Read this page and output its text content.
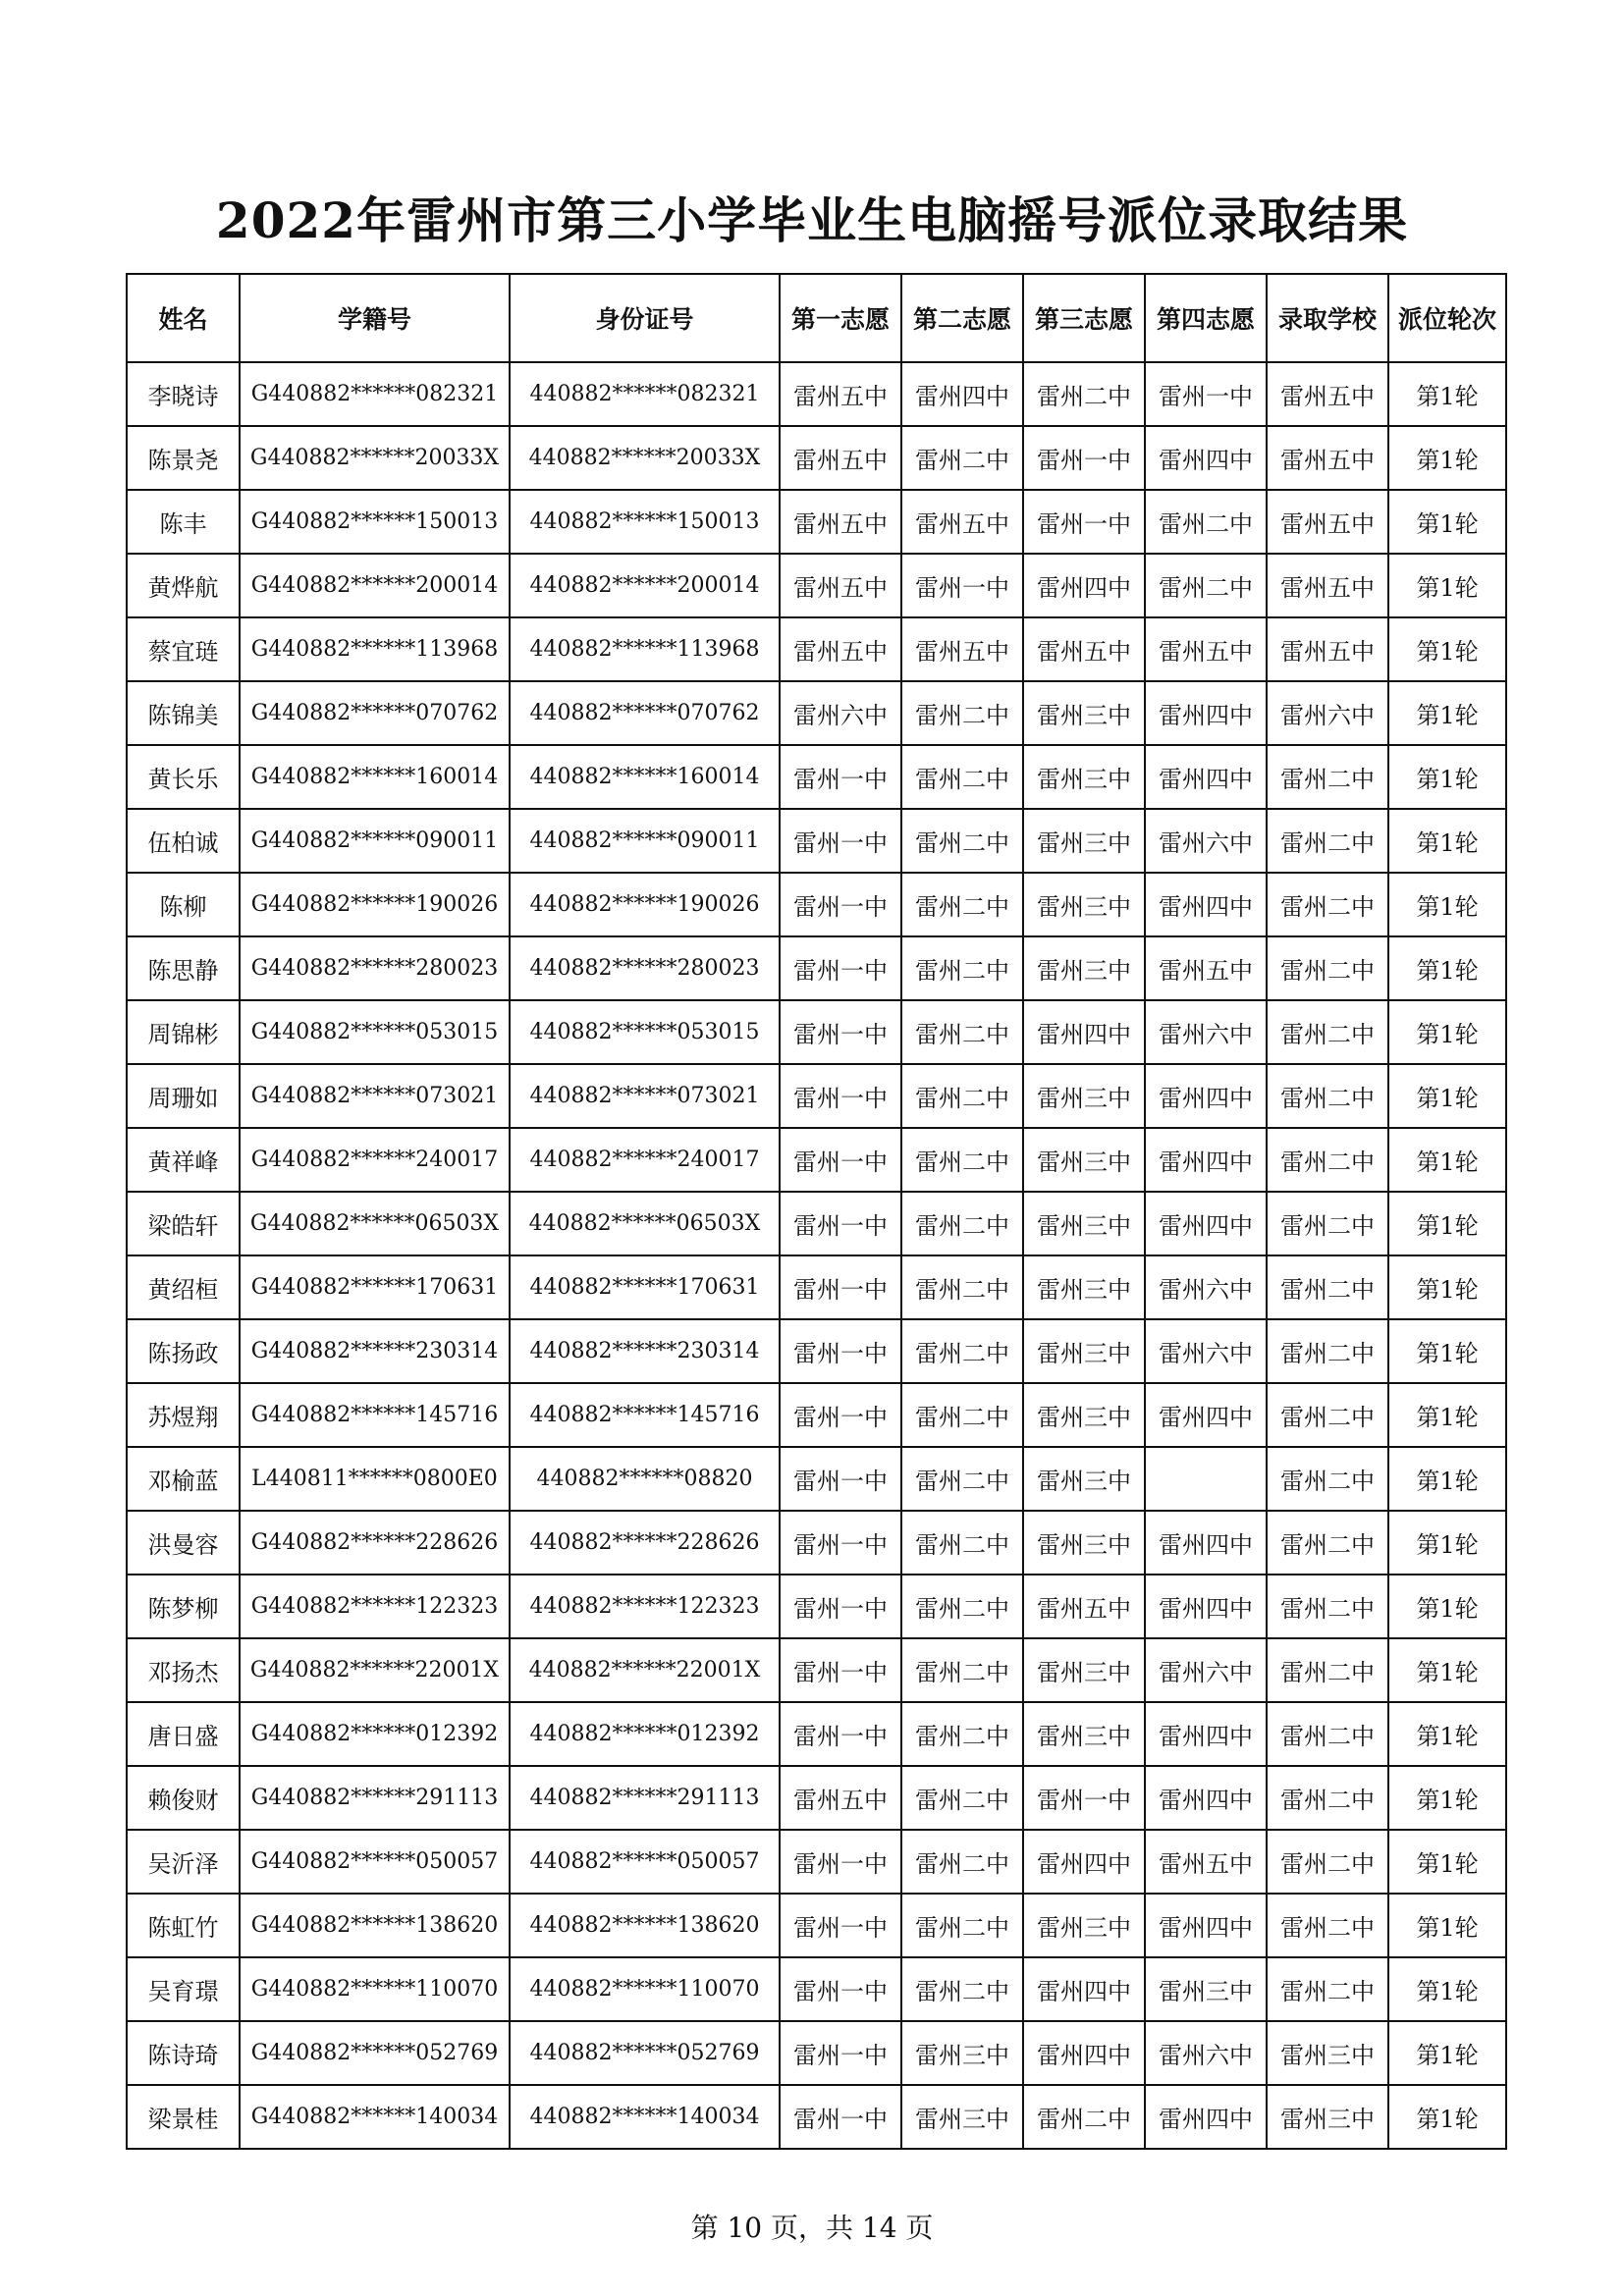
2022年雷州市第三小学毕业生电脑摇号派位录取结果
姓名	学籍号	身份证号	第一志愿	第二志愿	第三志愿	第四志愿	录取学校	派位轮次
李晓诗	G440882******082321	440882******082321	雷州五中	雷州四中	雷州二中	雷州一中	雷州五中	第1轮
陈景尧	G440882******20033X	440882******20033X	雷州五中	雷州二中	雷州一中	雷州四中	雷州五中	第1轮
陈丰	G440882******150013	440882******150013	雷州五中	雷州五中	雷州一中	雷州二中	雷州五中	第1轮
黄烨航	G440882******200014	440882******200014	雷州五中	雷州一中	雷州四中	雷州二中	雷州五中	第1轮
蔡宜琏	G440882******113968	440882******113968	雷州五中	雷州五中	雷州五中	雷州五中	雷州五中	第1轮
陈锦美	G440882******070762	440882******070762	雷州六中	雷州二中	雷州三中	雷州四中	雷州六中	第1轮
黄长乐	G440882******160014	440882******160014	雷州一中	雷州二中	雷州三中	雷州四中	雷州二中	第1轮
伍柏诚	G440882******090011	440882******090011	雷州一中	雷州二中	雷州三中	雷州六中	雷州二中	第1轮
陈柳	G440882******190026	440882******190026	雷州一中	雷州二中	雷州三中	雷州四中	雷州二中	第1轮
陈思静	G440882******280023	440882******280023	雷州一中	雷州二中	雷州三中	雷州五中	雷州二中	第1轮
周锦彬	G440882******053015	440882******053015	雷州一中	雷州二中	雷州四中	雷州六中	雷州二中	第1轮
周珊如	G440882******073021	440882******073021	雷州一中	雷州二中	雷州三中	雷州四中	雷州二中	第1轮
黄祥峰	G440882******240017	440882******240017	雷州一中	雷州二中	雷州三中	雷州四中	雷州二中	第1轮
梁皓轩	G440882******06503X	440882******06503X	雷州一中	雷州二中	雷州三中	雷州四中	雷州二中	第1轮
黄绍桓	G440882******170631	440882******170631	雷州一中	雷州二中	雷州三中	雷州六中	雷州二中	第1轮
陈扬政	G440882******230314	440882******230314	雷州一中	雷州二中	雷州三中	雷州六中	雷州二中	第1轮
苏煜翔	G440882******145716	440882******145716	雷州一中	雷州二中	雷州三中	雷州四中	雷州二中	第1轮
邓榆蓝	L440811******0800E0	440882******08820	雷州一中	雷州二中	雷州三中		雷州二中	第1轮
洪曼容	G440882******228626	440882******228626	雷州一中	雷州二中	雷州三中	雷州四中	雷州二中	第1轮
陈梦柳	G440882******122323	440882******122323	雷州一中	雷州二中	雷州五中	雷州四中	雷州二中	第1轮
邓扬杰	G440882******22001X	440882******22001X	雷州一中	雷州二中	雷州三中	雷州六中	雷州二中	第1轮
唐日盛	G440882******012392	440882******012392	雷州一中	雷州二中	雷州三中	雷州四中	雷州二中	第1轮
赖俊财	G440882******291113	440882******291113	雷州五中	雷州二中	雷州一中	雷州四中	雷州二中	第1轮
吴沂泽	G440882******050057	440882******050057	雷州一中	雷州二中	雷州四中	雷州五中	雷州二中	第1轮
陈虹竹	G440882******138620	440882******138620	雷州一中	雷州二中	雷州三中	雷州四中	雷州二中	第1轮
吴育璟	G440882******110070	440882******110070	雷州一中	雷州二中	雷州四中	雷州三中	雷州二中	第1轮
陈诗琦	G440882******052769	440882******052769	雷州一中	雷州三中	雷州四中	雷州六中	雷州三中	第1轮
梁景桂	G440882******140034	440882******140034	雷州一中	雷州三中	雷州二中	雷州四中	雷州三中	第1轮
第 10 页，共 14 页
